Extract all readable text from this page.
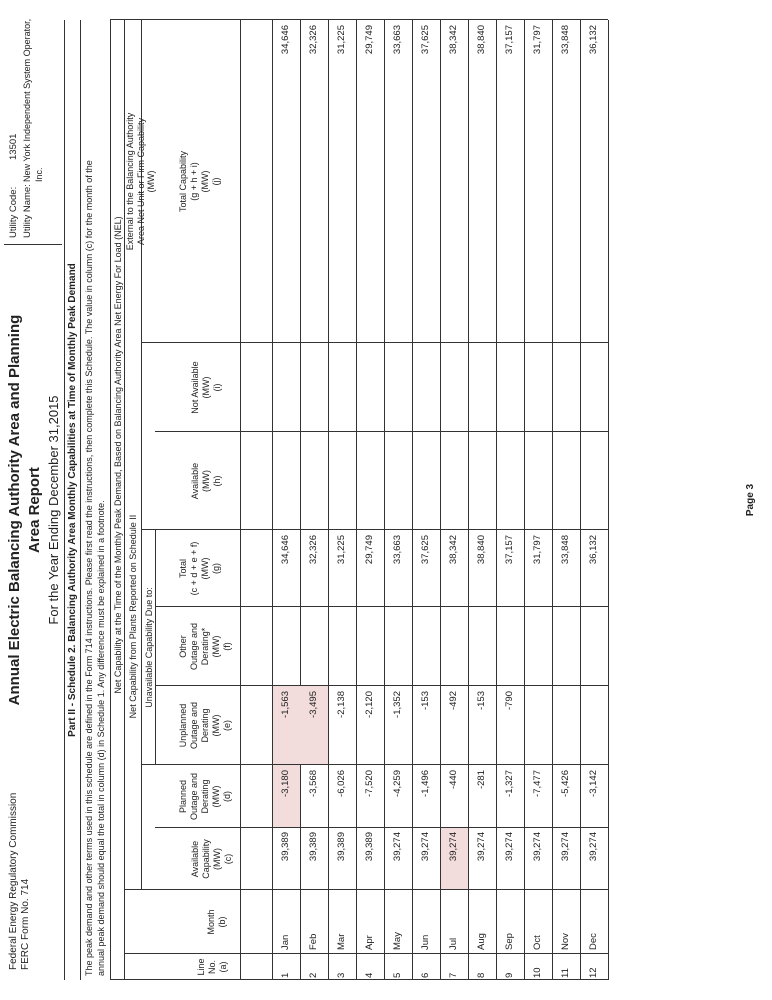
Federal Energy Regulatory Commission FERC Form No. 714
Annual Electric Balancing Authority Area and Planning Area Report For the Year Ending December 31,2015
Utility Code:
13501
Utility Name:
New York Independent System Operator, Inc.
Part II - Schedule 2. Balancing Authority Area Monthly Capabilities at Time of Monthly Peak Demand The peak demand and other terms used in this schedule are defined in the Form 714 instructions. Please first read the instructions, then complete this Schedule. The value in column (c) for the month of the annual peak demand should equal the total in column (d) in Schedule 1. Any difference must be explained in a footnote.
Net Capability at the Time of the Monthly Peak Demand, Based on Balancing Authority Area Net Energy For Load (NEL) Net Capability from Plants Reported on Schedule II
External to the Balancing Authority Area Net Unit or Firm Capability (MW)
Unavailable Capability Due to:
Line No. (a)
Month (b)
Available Capability (MW) (c)
Planned Outage and Derating (MW) (d)
Unplanned Outage and Derating (MW) (e)
Other Outage and Derating* (MW) (f)
Total (c + d + e + f) (MW) (g)
Available (MW) (h)
Not Available (MW) (i)
Total Capability (g + h + i) (MW) (j)
1
Jan
39,389
-3,180
-1,563
34,646
34,646
2
Feb
39,389
-3,568
-3,495
32,326
32,326
3
Mar
39,389
-6,026
-2,138
31,225
31,225
4
Apr
39,389
-7,520
-2,120
29,749
29,749
5
May
39,274
-4,259
-1,352
33,663
33,663
6
Jun
39,274
-1,496
-153
37,625
37,625
7
Jul
39,274
-440
-492
38,342
38,342
8
Aug
39,274
-281
-153
38,840
38,840
9
Sep
39,274
-1,327
-790
37,157
37,157
10
Oct
39,274
-7,477
31,797
31,797
11
Nov
39,274
-5,426
33,848
33,848
12
Dec
39,274
-3,142
36,132
36,132
Page 3
